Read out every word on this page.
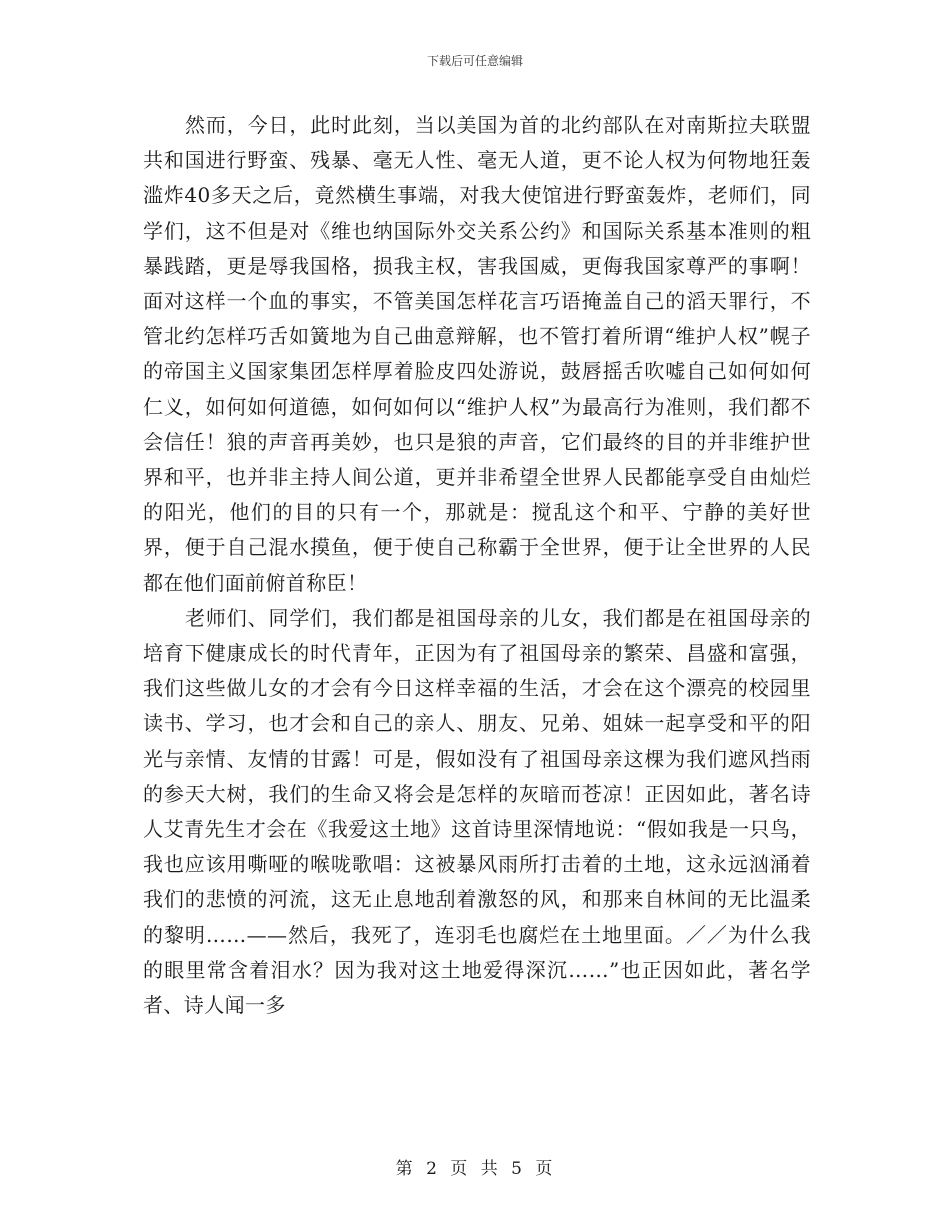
下载后可任意编辑

然而，今日，此时此刻，当以美国为首的北约部队在对南斯拉夫联盟共和国进行野蛮、残暴、毫无人性、毫无人道，更不论人权为何物地狂轰滥炸40多天之后，竟然横生事端，对我大使馆进行野蛮轰炸，老师们，同学们，这不但是对《维也纳国际外交关系公约》和国际关系基本准则的粗暴践踏，更是辱我国格，损我主权，害我国威，更侮我国家尊严的事啊！面对这样一个血的事实，不管美国怎样花言巧语掩盖自己的滔天罪行，不管北约怎样巧舌如簧地为自己曲意辩解，也不管打着所谓“维护人权”幌子的帝国主义国家集团怎样厚着脸皮四处游说，鼓唇摇舌吹嘘自己如何如何仁义，如何如何道德，如何如何以“维护人权”为最高行为准则，我们都不会信任！狼的声音再美妙，也只是狼的声音，它们最终的目的并非维护世界和平，也并非主持人间公道，更并非希望全世界人民都能享受自由灿烂的阳光，他们的目的只有一个，那就是：搅乱这个和平、宁静的美好世界，便于自己混水摸鱼，便于使自己称霸于全世界，便于让全世界的人民都在他们面前俯首称臣！

老师们、同学们，我们都是祖国母亲的儿女，我们都是在祖国母亲的培育下健康成长的时代青年，正因为有了祖国母亲的繁荣、昌盛和富强，我们这些做儿女的才会有今日这样幸福的生活，才会在这个漂亮的校园里读书、学习，也才会和自己的亲人、朋友、兄弟、姐妹一起享受和平的阳光与亲情、友情的甘露！可是，假如没有了祖国母亲这棵为我们遮风挡雨的参天大树，我们的生命又将会是怎样的灰暗而苍凉！正因如此，著名诗人艾青先生才会在《我爱这土地》这首诗里深情地说：“假如我是一只鸟，我也应该用嘶哑的喉咙歌唱：这被暴风雨所打击着的土地，这永远汹涌着我们的悲愤的河流，这无止息地刮着激怒的风，和那来自林间的无比温柔的黎明……——然后，我死了，连羽毛也腐烂在土地里面。／／为什么我的眼里常含着泪水？因为我对这土地爱得深沉……”也正因如此，著名学者、诗人闻一多

第 2 页 共 5 页
